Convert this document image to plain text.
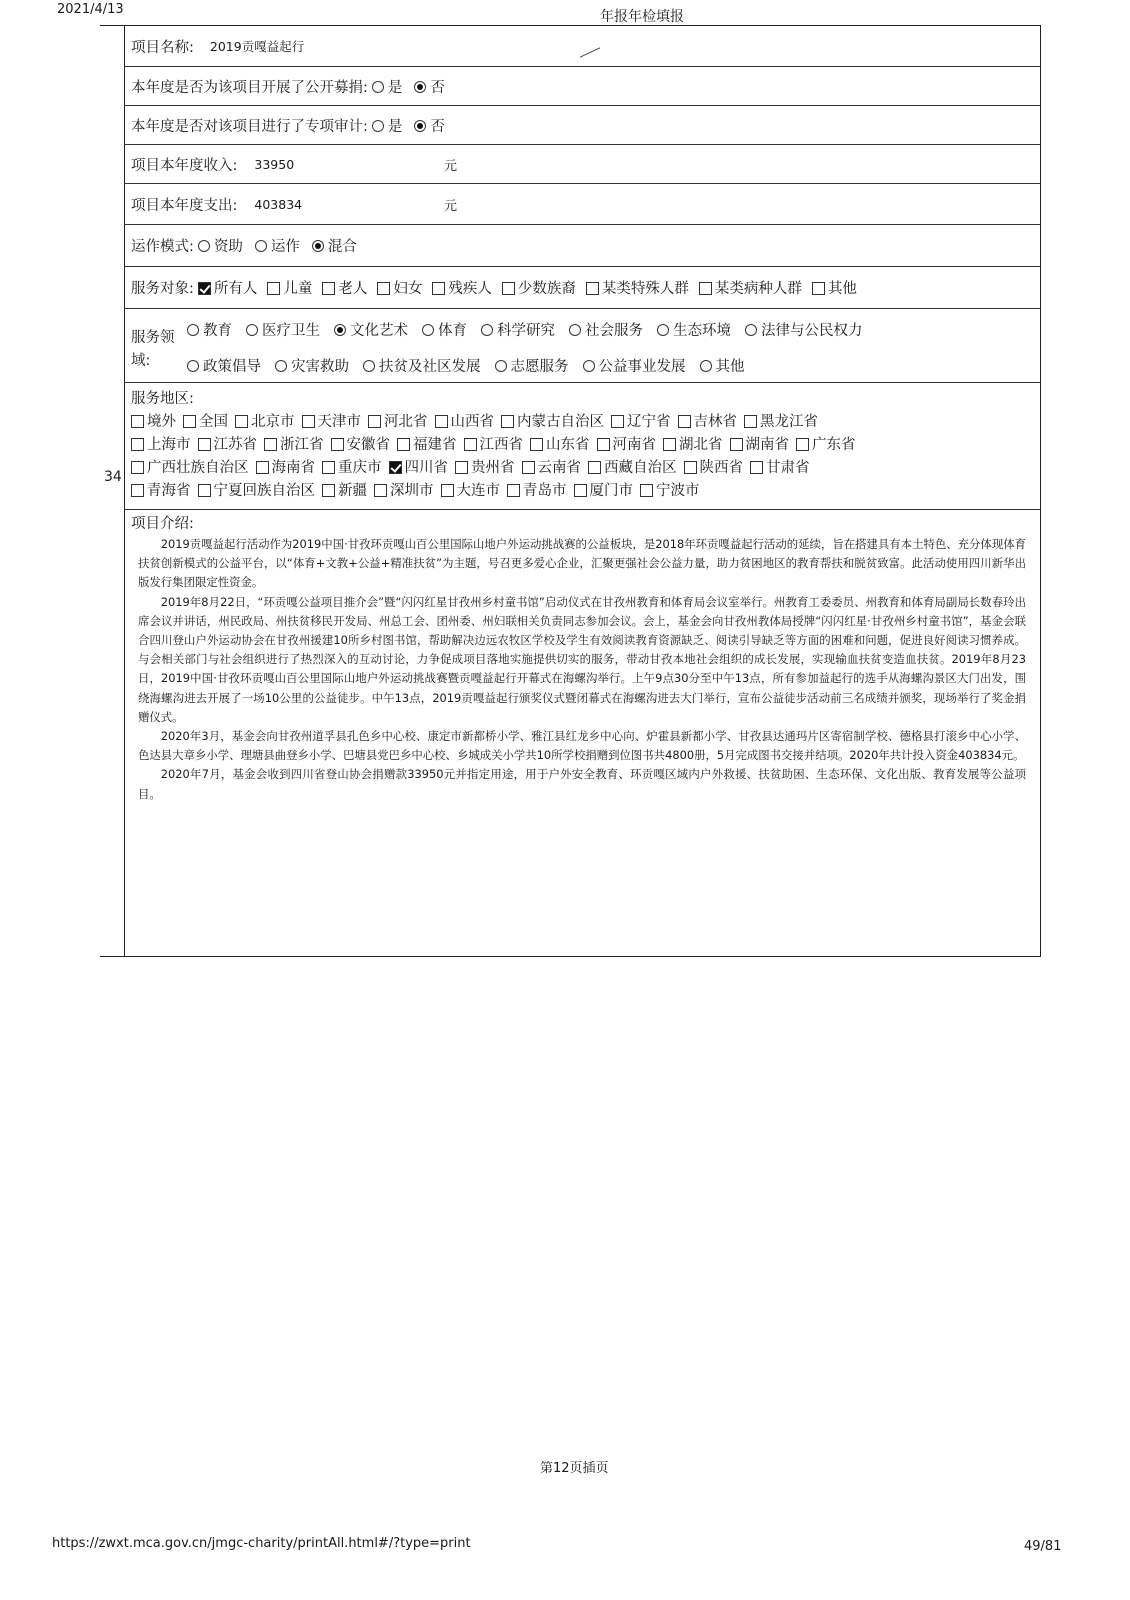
2021/4/13	年报年检填报
项目名称: 2019贡嘎益起行
本年度是否为该项目开展了公开募捐:	是 否
本年度是否对该项目进行了专项审计:	是 否
项目本年度收入: 33950	元
项目本年度支出: 403834	元
运作模式:	资助 运作 混合
服务对象:	所有人 儿童 老人 妇女 残疾人 少数族裔 某类特殊人群 某类病种人群 其他
服务领
域:
教育 医疗卫生 文化艺术 体育 科学研究 社会服务 生态环境 法律与公民权力
政策倡导 灾害救助 扶贫及社区发展 志愿服务 公益事业发展 其他
服务地区:
境外 全国 北京市 天津市 河北省 山西省 内蒙古自治区 辽宁省 吉林省 黑龙江省
上海市 江苏省 浙江省 安徽省 福建省 江西省 山东省 河南省 湖北省 湖南省 广东省
广西壮族自治区 海南省 重庆市 四川省 贵州省 云南省 西藏自治区 陕西省 甘肃省
青海省 宁夏回族自治区 新疆 深圳市 大连市 青岛市 厦门市 宁波市
项目介绍:

2019贡嘎益起行活动作为2019中国·甘孜环贡嘎山百公里国际山地户外运动挑战赛的公益板块，是2018年环贡嘎益起行活动的延续，旨在搭建具有本土特色、充分体现体育扶贫创新模式的公益平台，以“体育+文教+公益+精准扶贫”为主题，号召更多爱心企业，汇聚更强社会公益力量，助力贫困地区的教育帮扶和脱贫致富。此活动使用四川新华出版发行集团限定性资金。

2019年8月22日，“环贡嘎公益项目推介会”暨“闪闪红星甘孜州乡村童书馆”启动仪式在甘孜州教育和体育局会议室举行。州教育工委委员、州教育和体育局副局长数春玲出席会议并讲话，州民政局、州扶贫移民开发局、州总工会、团州委、州妇联相关负责同志参加会议。会上，基金会向甘孜州教体局授牌“闪闪红星·甘孜州乡村童书馆”，基金会联合四川登山户外运动协会在甘孜州援建10所乡村图书馆，帮助解决边远农牧区学校及学生有效阅读教育资源缺乏、阅读引导缺乏等方面的困难和问题，促进良好阅读习惯养成。与会相关部门与社会组织进行了热烈深入的互动讨论，力争促成项目落地实施提供切实的服务，带动甘孜本地社会组织的成长发展，实现输血扶贫变造血扶贫。2019年8月23日，2019中国·甘孜环贡嘎山百公里国际山地户外运动挑战赛暨贡嘎益起行开幕式在海螺沟举行。上午9点30分至中午13点，所有参加益起行的选手从海螺沟景区大门出发，围绕海螺沟进去开展了一场10公里的公益徒步。中午13点，2019贡嘎益起行颁奖仪式暨闭幕式在海螺沟进去大门举行，宣布公益徒步活动前三名成绩并颁奖，现场举行了奖金捐赠仪式。

2020年3月，基金会向甘孜州道孚县孔色乡中心校、康定市新都桥小学、雅江县红龙乡中心向、炉霍县新都小学、甘孜县达通玛片区寄宿制学校、德格县打滚乡中心小学、色达县大章乡小学、理塘县曲登乡小学、巴塘县党巴乡中心校、乡城成关小学共10所学校捐赠到位图书共4800册，5月完成图书交接并结项。2020年共计投入资金403834元。

2020年7月，基金会收到四川省登山协会捐赠款33950元并指定用途，用于户外安全教育、环贡嘎区域内户外救援、扶贫助困、生态环保、文化出版、教育发展等公益项目。

34
第12页插页
https://zwxt.mca.gov.cn/jmgc-charity/printAll.html#/?type=print	49/81
